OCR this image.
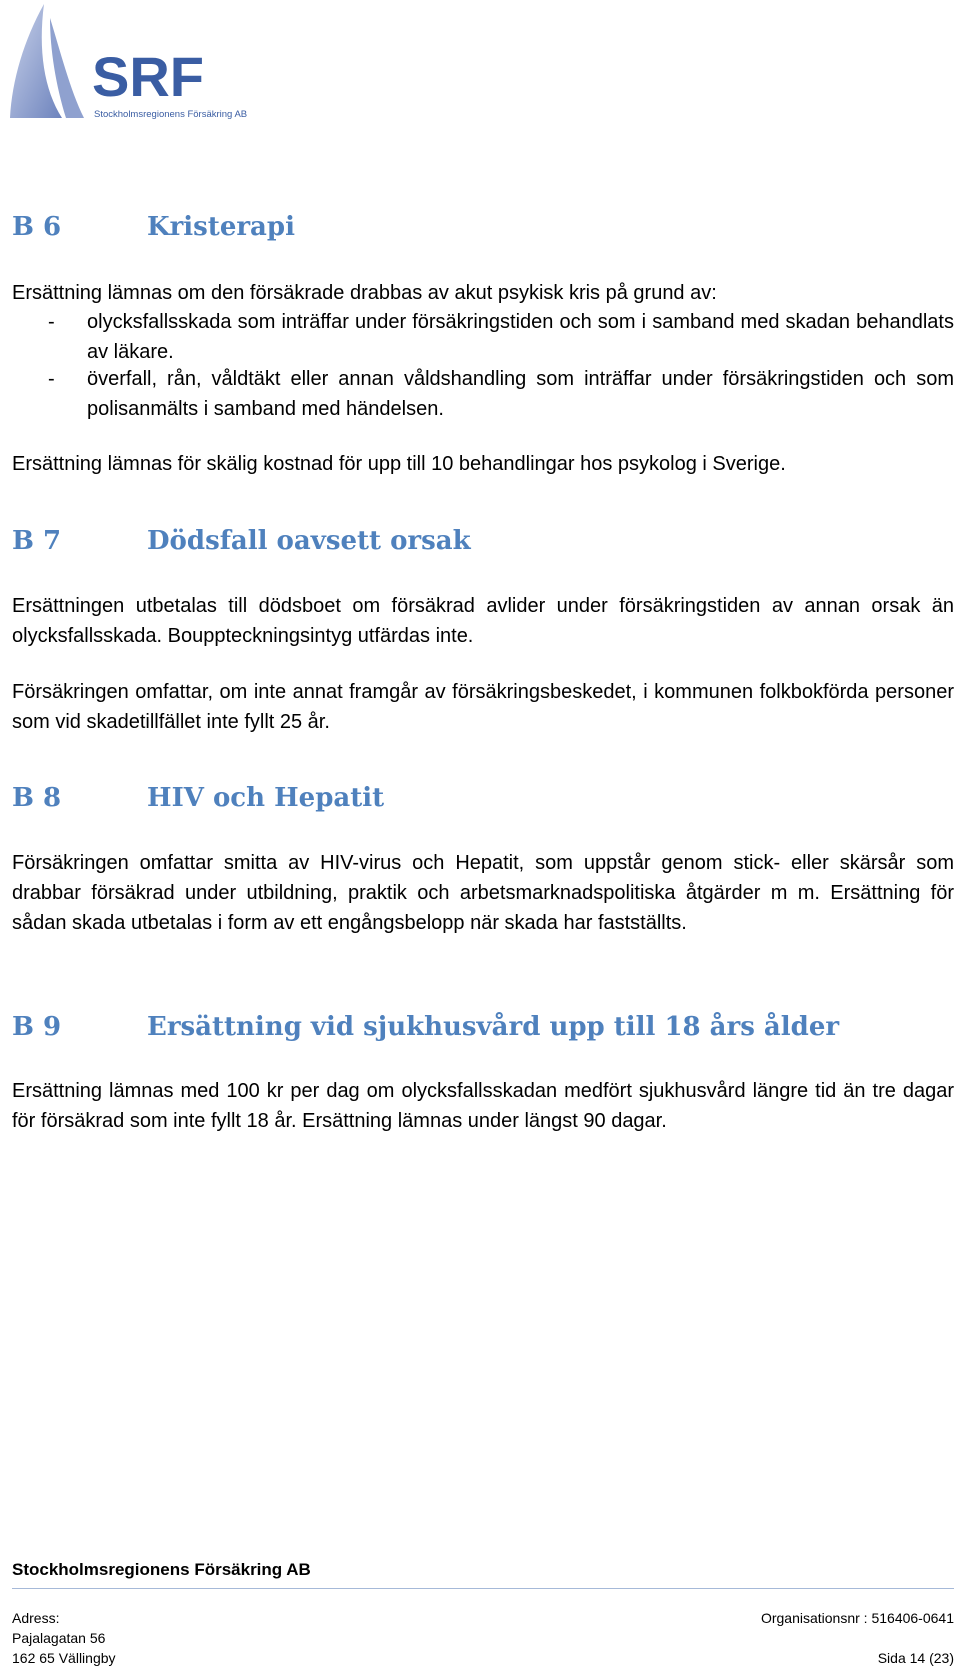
SRF
Stockholmsregionens Försäkring AB
B 6	Kristerapi
Ersättning lämnas om den försäkrade drabbas av akut psykisk kris på grund av:
- olycksfallsskada som inträffar under försäkringstiden och som i samband med skadan behandlats av läkare.
- överfall, rån, våldtäkt eller annan våldshandling som inträffar under försäkringstiden och som polisanmälts i samband med händelsen.
Ersättning lämnas för skälig kostnad för upp till 10 behandlingar hos psykolog i Sverige.
B 7	Dödsfall oavsett orsak
Ersättningen utbetalas till dödsboet om försäkrad avlider under försäkringstiden av annan orsak än olycksfallsskada. Bouppteckningsintyg utfärdas inte.
Försäkringen omfattar, om inte annat framgår av försäkringsbeskedet, i kommunen folkbokförda personer som vid skadetillfället inte fyllt 25 år.
B 8	HIV och Hepatit
Försäkringen omfattar smitta av HIV-virus och Hepatit, som uppstår genom stick- eller skärsår som drabbar försäkrad under utbildning, praktik och arbetsmarknadspolitiska åtgärder m m. Ersättning för sådan skada utbetalas i form av ett engångsbelopp när skada har fastställts.
B 9	Ersättning vid sjukhusvård upp till 18 års ålder
Ersättning lämnas med 100 kr per dag om olycksfallsskadan medfört sjukhusvård längre tid än tre dagar för försäkrad som inte fyllt 18 år. Ersättning lämnas under längst 90 dagar.
Stockholmsregionens Försäkring AB
Adress:
Pajalagatan 56
162 65 Vällingby
Organisationsnr : 516406-0641
Sida 14 (23)
